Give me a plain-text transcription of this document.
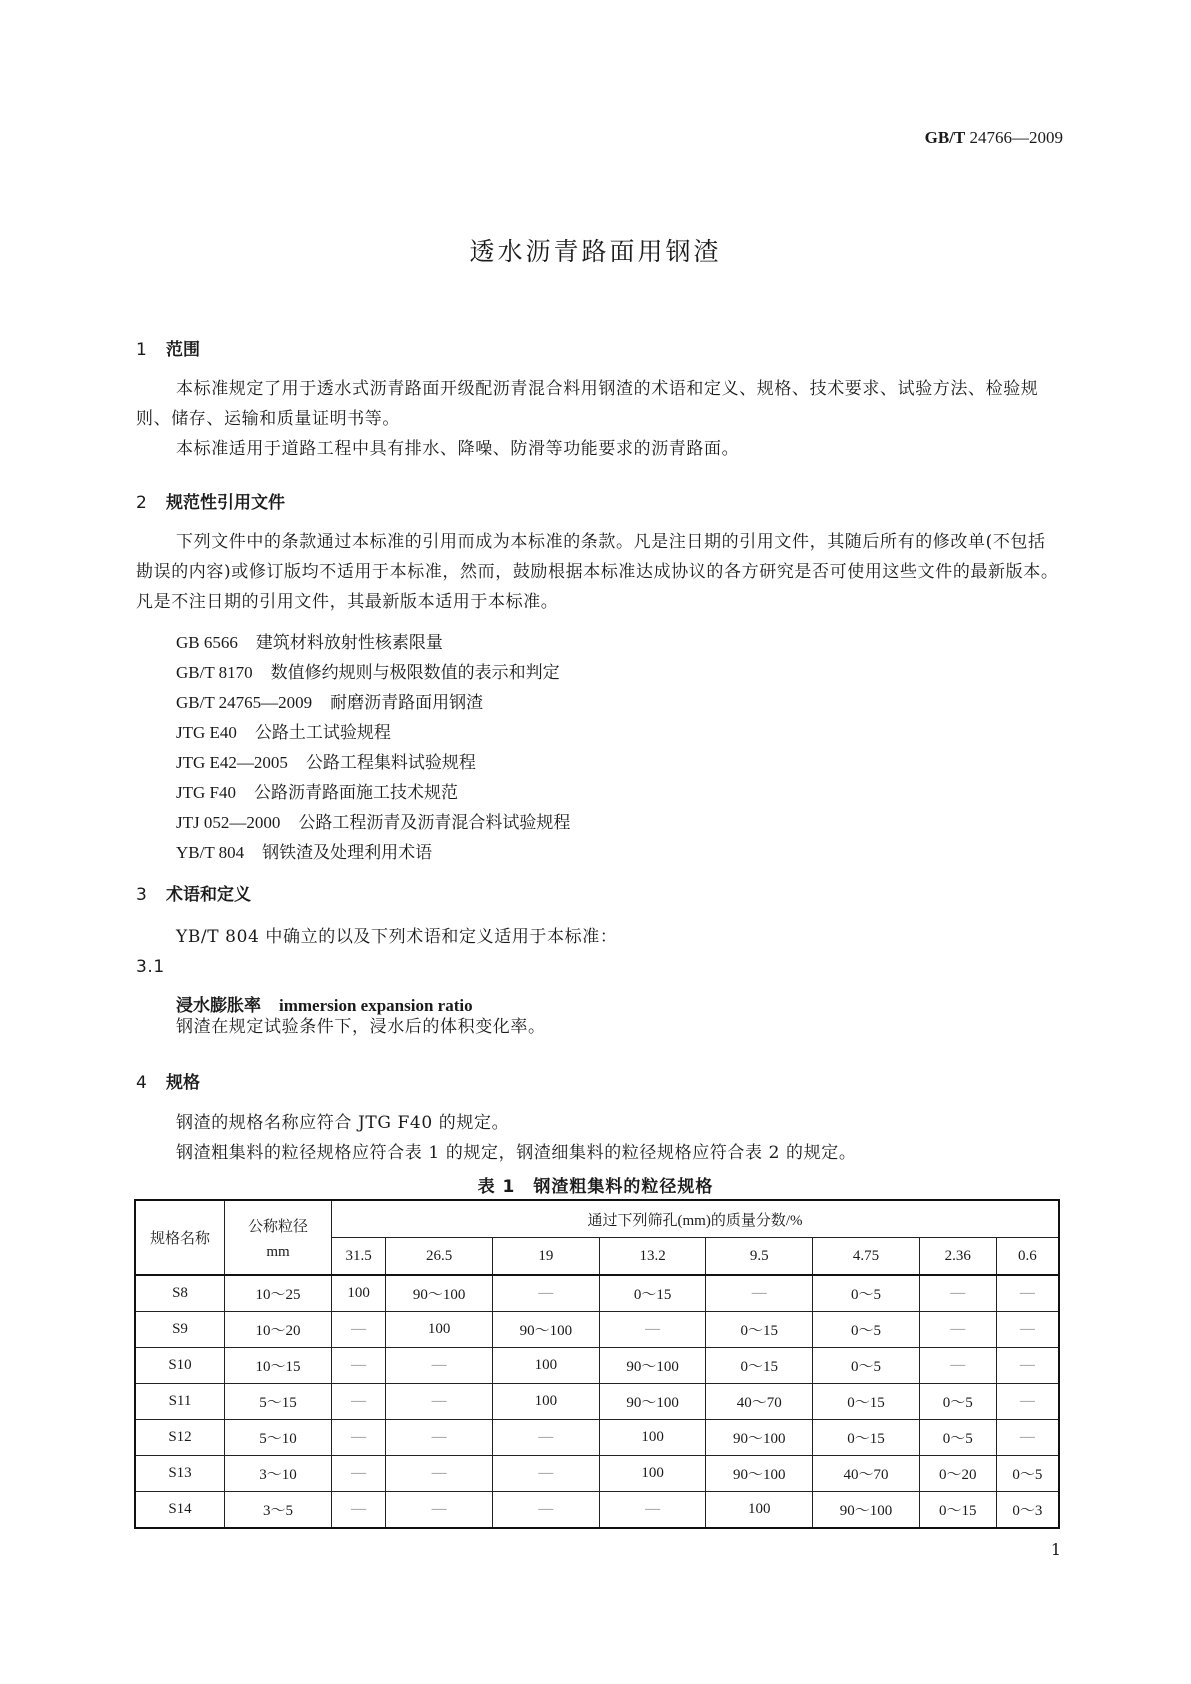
GB/T 24766—2009
透水沥青路面用钢渣
1 范围
本标准规定了用于透水式沥青路面开级配沥青混合料用钢渣的术语和定义、规格、技术要求、试验方法、检验规则、储存、运输和质量证明书等。
本标准适用于道路工程中具有排水、降噪、防滑等功能要求的沥青路面。
2 规范性引用文件
下列文件中的条款通过本标准的引用而成为本标准的条款。凡是注日期的引用文件，其随后所有的修改单(不包括勘误的内容)或修订版均不适用于本标准，然而，鼓励根据本标准达成协议的各方研究是否可使用这些文件的最新版本。凡是不注日期的引用文件，其最新版本适用于本标准。
GB 6566 建筑材料放射性核素限量
GB/T 8170 数值修约规则与极限数值的表示和判定
GB/T 24765—2009 耐磨沥青路面用钢渣
JTG E40 公路土工试验规程
JTG E42—2005 公路工程集料试验规程
JTG F40 公路沥青路面施工技术规范
JTJ 052—2000 公路工程沥青及沥青混合料试验规程
YB/T 804 钢铁渣及处理利用术语
3 术语和定义
YB/T 804 中确立的以及下列术语和定义适用于本标准：
3.1
浸水膨胀率 immersion expansion ratio
钢渣在规定试验条件下，浸水后的体积变化率。
4 规格
钢渣的规格名称应符合 JTG F40 的规定。
钢渣粗集料的粒径规格应符合表 1 的规定，钢渣细集料的粒径规格应符合表 2 的规定。
表 1　钢渣粗集料的粒径规格
规格名称	公称粒径
mm	通过下列筛孔(mm)的质量分数/%							
		31.5	26.5	19	13.2	9.5	4.75	2.36	0.6
S8	10～25	100	90～100	—	0～15	—	0～5	—	—
S9	10～20	—	100	90～100	—	0～15	0～5	—	—
S10	10～15	—	—	100	90～100	0～15	0～5	—	—
S11	5～15	—	—	100	90～100	40～70	0～15	0～5	—
S12	5～10	—	—	—	100	90～100	0～15	0～5	—
S13	3～10	—	—	—	100	90～100	40～70	0～20	0～5
S14	3～5	—	—	—	—	100	90～100	0～15	0～3
1
